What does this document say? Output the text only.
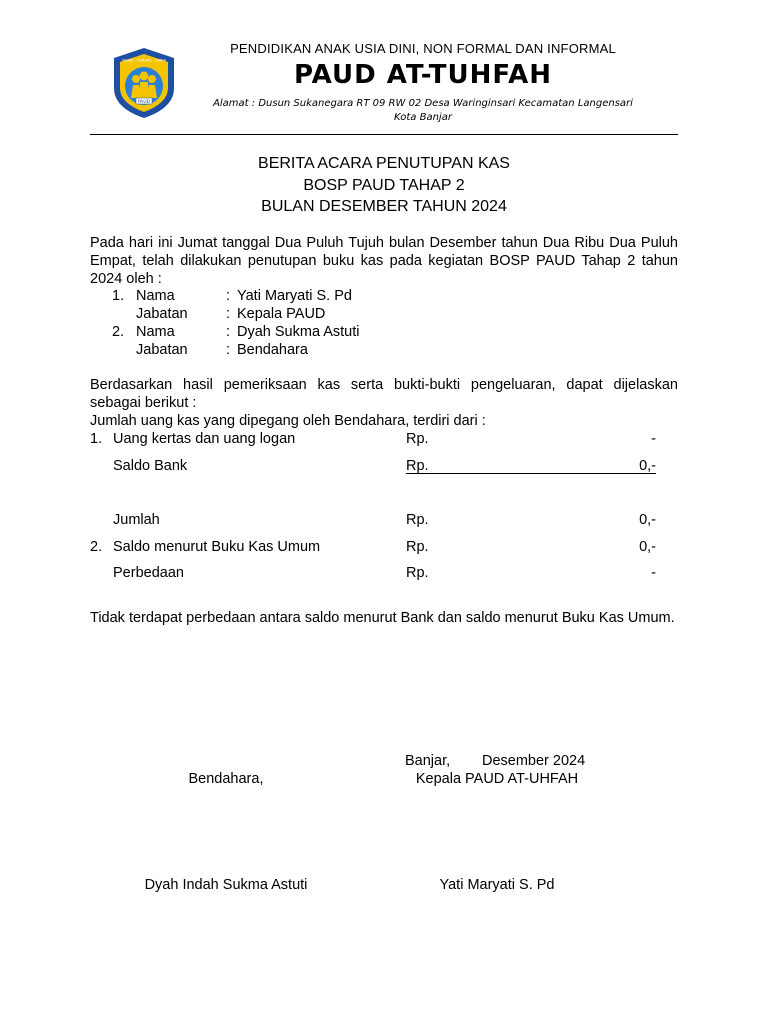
PAUD
SEHAT · CERDAS · CERIA
PENDIDIKAN ANAK USIA DINI, NON FORMAL DAN INFORMAL
PAUD AT-TUHFAH
Alamat : Dusun Sukanegara RT 09 RW 02 Desa Waringinsari Kecamatan Langensari
Kota Banjar
BERITA ACARA PENUTUPAN KAS
BOSP PAUD TAHAP 2
BULAN DESEMBER TAHUN 2024
Pada hari ini Jumat tanggal Dua Puluh Tujuh bulan Desember tahun Dua Ribu Dua Puluh Empat, telah dilakukan penutupan buku kas pada kegiatan BOSP PAUD Tahap 2 tahun 2024 oleh :
1. Nama	: Yati Maryati S. Pd
Jabatan	: Kepala PAUD
2. Nama	: Dyah Sukma Astuti
Jabatan	: Bendahara
Berdasarkan hasil pemeriksaan kas serta bukti-bukti pengeluaran, dapat dijelaskan sebagai berikut :
Jumlah uang kas yang dipegang oleh Bendahara, terdiri dari :
1. Uang kertas dan uang logan	Rp.	-
Saldo Bank	Rp.	0,-
Jumlah	Rp.	0,-
2. Saldo menurut Buku Kas Umum	Rp.	0,-
Perbedaan	Rp.	-
Tidak terdapat perbedaan antara saldo menurut Bank dan saldo menurut Buku Kas Umum.
Banjar, Desember 2024
Bendahara,	Kepala PAUD AT-UHFAH
Dyah Indah Sukma Astuti	Yati Maryati S. Pd
